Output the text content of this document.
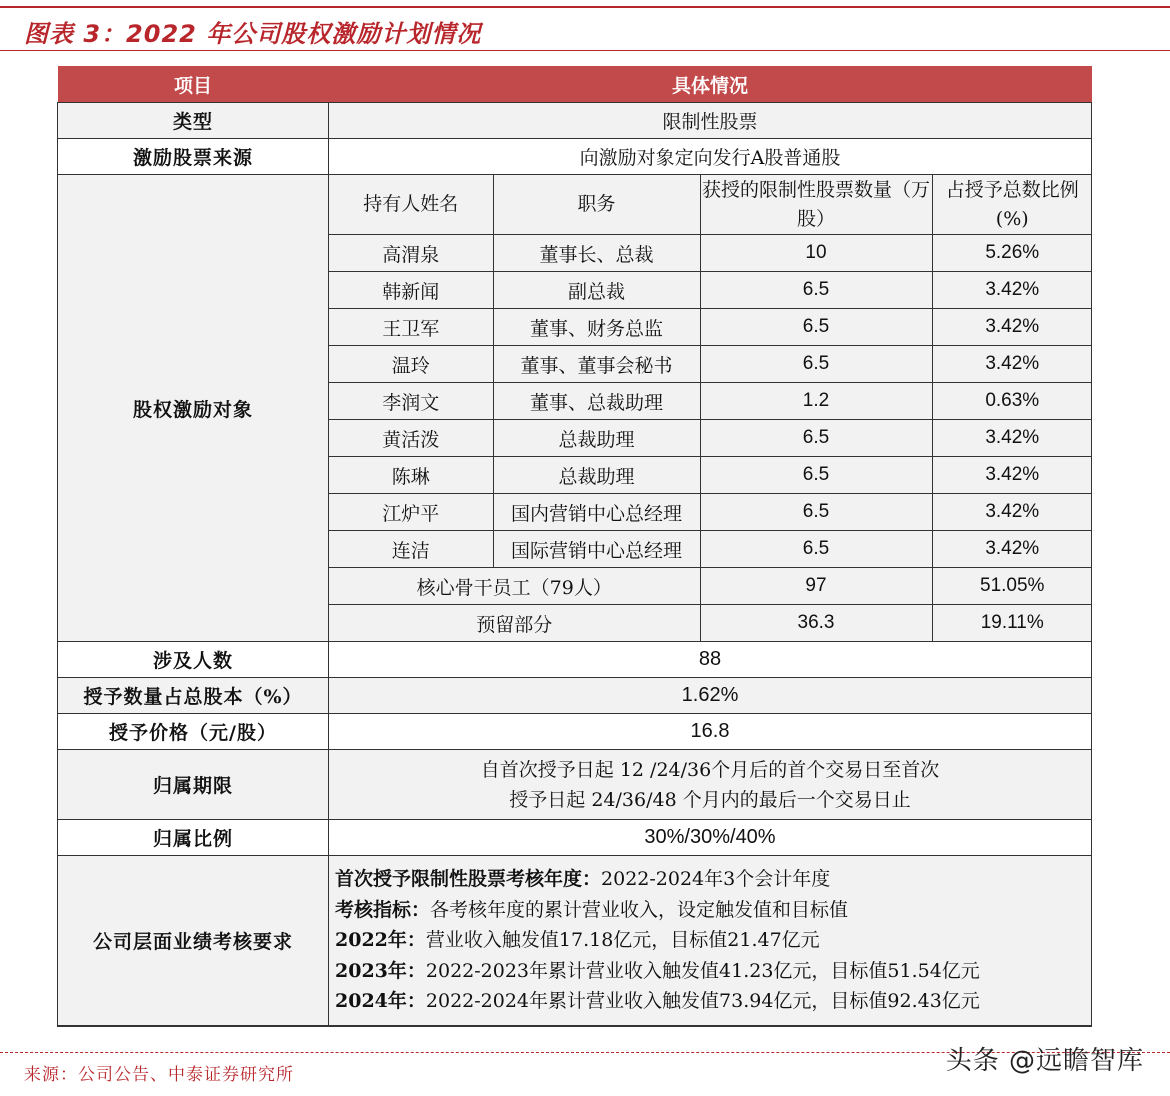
图表 3：2022 年公司股权激励计划情况
项目	具体情况
类型	限制性股票
激励股票来源	向激励对象定向发行A股普通股
股权激励对象	
持有人姓名	职务	获授的限制性股票数量（万股）	占授予总数比例(%)
高渭泉	董事长、总裁	10	5.26%
韩新闻	副总裁	6.5	3.42%
王卫军	董事、财务总监	6.5	3.42%
温玲	董事、董事会秘书	6.5	3.42%
李润文	董事、总裁助理	1.2	0.63%
黄活泼	总裁助理	6.5	3.42%
陈琳	总裁助理	6.5	3.42%
江炉平	国内营销中心总经理	6.5	3.42%
连洁	国际营销中心总经理	6.5	3.42%
核心骨干员工（79人）	97	51.05%
预留部分	36.3	19.11%

涉及人数	88
授予数量占总股本（%）	1.62%
授予价格（元/股）	16.8
归属期限	
自首次授予日起 12 /24/36个月后的首个交易日至首次
授予日起 24/36/48 个月内的最后一个交易日止

归属比例	30%/30%/40%
公司层面业绩考核要求	
首次授予限制性股票考核年度：2022-2024年3个会计年度
考核指标：各考核年度的累计营业收入，设定触发值和目标值
2022年：营业收入触发值17.18亿元，目标值21.47亿元
2023年：2022-2023年累计营业收入触发值41.23亿元，目标值51.54亿元
2024年：2022-2024年累计营业收入触发值73.94亿元，目标值92.43亿元
来源：公司公告、中泰证券研究所	头条 @远瞻智库
